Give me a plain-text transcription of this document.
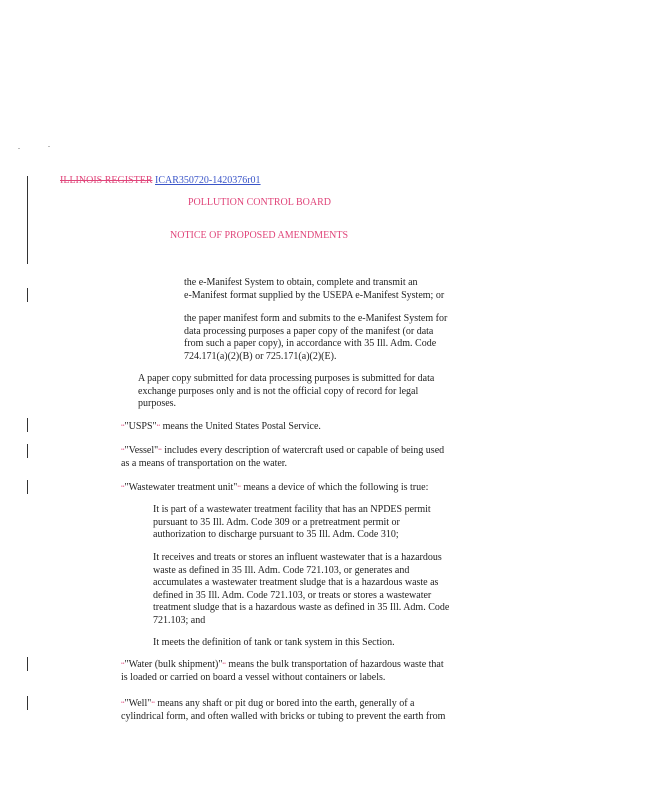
ILLINOIS REGISTER ICAR350720-1420376r01
POLLUTION CONTROL BOARD
NOTICE OF PROPOSED AMENDMENTS
the e-Manifest System to obtain, complete and transmit an
e-Manifest format supplied by the USEPA e-Manifest System; or
the paper manifest form and submits to the e-Manifest System for
data processing purposes a paper copy of the manifest (or data
from such a paper copy), in accordance with 35 Ill. Adm. Code
724.171(a)(2)(B) or 725.171(a)(2)(E).
A paper copy submitted for data processing purposes is submitted for data
exchange purposes only and is not the official copy of record for legal
purposes.
••"USPS"•• means the United States Postal Service.
••"Vessel"•• includes every description of watercraft used or capable of being used
as a means of transportation on the water.
••"Wastewater treatment unit"•• means a device of which the following is true:
It is part of a wastewater treatment facility that has an NPDES permit
pursuant to 35 Ill. Adm. Code 309 or a pretreatment permit or
authorization to discharge pursuant to 35 Ill. Adm. Code 310;
It receives and treats or stores an influent wastewater that is a hazardous
waste as defined in 35 Ill. Adm. Code 721.103, or generates and
accumulates a wastewater treatment sludge that is a hazardous waste as
defined in 35 Ill. Adm. Code 721.103, or treats or stores a wastewater
treatment sludge that is a hazardous waste as defined in 35 Ill. Adm. Code
721.103; and
It meets the definition of tank or tank system in this Section.
••"Water (bulk shipment)"•• means the bulk transportation of hazardous waste that
is loaded or carried on board a vessel without containers or labels.
••"Well"•• means any shaft or pit dug or bored into the earth, generally of a
cylindrical form, and often walled with bricks or tubing to prevent the earth from
